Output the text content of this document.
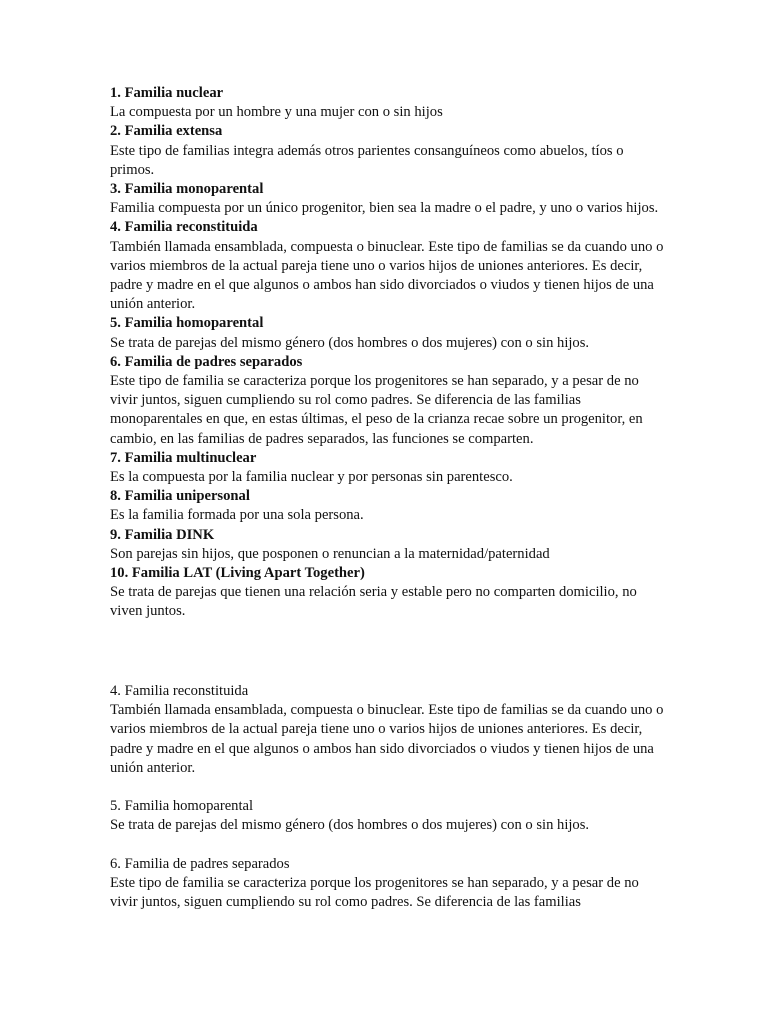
1. Familia nuclear

La compuesta por un hombre y una mujer con o sin hijos

2. Familia extensa

Este tipo de familias integra además otros parientes consanguíneos como abuelos, tíos o primos.

3. Familia monoparental

Familia compuesta por un único progenitor, bien sea la madre o el padre, y uno o varios hijos.

4. Familia reconstituida

También llamada ensamblada, compuesta o binuclear. Este tipo de familias se da cuando uno o varios miembros de la actual pareja tiene uno o varios hijos de uniones anteriores. Es decir, padre y madre en el que algunos o ambos han sido divorciados o viudos y tienen hijos de una unión anterior.

5. Familia homoparental

Se trata de parejas del mismo género (dos hombres o dos mujeres) con o sin hijos.

6. Familia de padres separados

Este tipo de familia se caracteriza porque los progenitores se han separado, y a pesar de no vivir juntos, siguen cumpliendo su rol como padres. Se diferencia de las familias monoparentales en que, en estas últimas, el peso de la crianza recae sobre un progenitor, en cambio, en las familias de padres separados, las funciones se comparten.

7. Familia multinuclear

Es la compuesta por la familia nuclear y por personas sin parentesco.

8. Familia unipersonal

Es la familia formada por una sola persona.

9. Familia DINK

Son parejas sin hijos, que posponen o renuncian a la maternidad/paternidad

10. Familia LAT (Living Apart Together)

Se trata de parejas que tienen una relación seria y estable pero no comparten domicilio, no viven juntos.

4. Familia reconstituida

También llamada ensamblada, compuesta o binuclear. Este tipo de familias se da cuando uno o varios miembros de la actual pareja tiene uno o varios hijos de uniones anteriores. Es decir, padre y madre en el que algunos o ambos han sido divorciados o viudos y tienen hijos de una unión anterior.

5. Familia homoparental

Se trata de parejas del mismo género (dos hombres o dos mujeres) con o sin hijos.

6. Familia de padres separados

Este tipo de familia se caracteriza porque los progenitores se han separado, y a pesar de no vivir juntos, siguen cumpliendo su rol como padres. Se diferencia de las familias
